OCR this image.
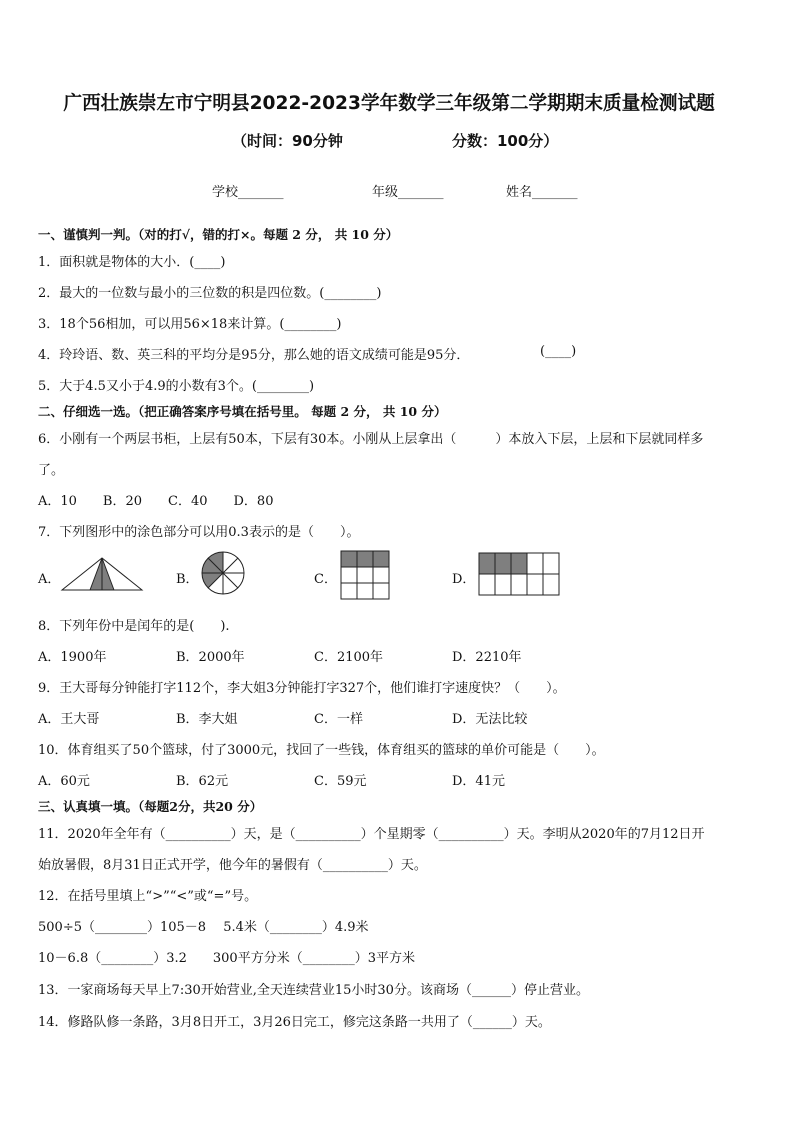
广西壮族崇左市宁明县2022-2023学年数学三年级第二学期期末质量检测试题
（时间：90分钟	分数：100分）
学校_______	年级_______	姓名_______
一、谨慎判一判。（对的打√，错的打×。每题 2 分， 共 10 分）
1．面积就是物体的大小．(____)
2．最大的一位数与最小的三位数的积是四位数。(________)
3．18个56相加，可以用56×18来计算。(________)
4．玲玲语、数、英三科的平均分是95分，那么她的语文成绩可能是95分．	(____)
5．大于4.5又小于4.9的小数有3个。(________)
二、仔细选一选。（把正确答案序号填在括号里。 每题 2 分， 共 10 分）
6．小刚有一个两层书柜，上层有50本，下层有30本。小刚从上层拿出（　　　）本放入下层，上层和下层就同样多
了。
A．10　　B．20　　C．40　　D．80
7．下列图形中的涂色部分可以用0.3表示的是（　　）。
A．	B．	C．	D．
8．下列年份中是闰年的是(　　).
A．1900年	B．2000年	C．2100年	D．2210年
9．王大哥每分钟能打字112个，李大姐3分钟能打字327个，他们谁打字速度快？（　　）。
A．王大哥	B．李大姐	C．一样	D．无法比较
10．体育组买了50个篮球，付了3000元，找回了一些钱，体育组买的篮球的单价可能是（　　）。
A．60元	B．62元	C．59元	D．41元
三、认真填一填。（每题2分，共20 分）
11．2020年全年有（__________）天，是（__________）个星期零（__________）天。李明从2020年的7月12日开
始放暑假，8月31日正式开学，他今年的暑假有（__________）天。
12．在括号里填上“>”“<”或“=”号。
500÷5（________）105－8　 5.4米（________）4.9米
10－6.8（________）3.2　　300平方分米（________）3平方米
13．一家商场每天早上7:30开始营业,全天连续营业15小时30分。该商场（______）停止营业。
14．修路队修一条路，3月8日开工，3月26日完工，修完这条路一共用了（______）天。
